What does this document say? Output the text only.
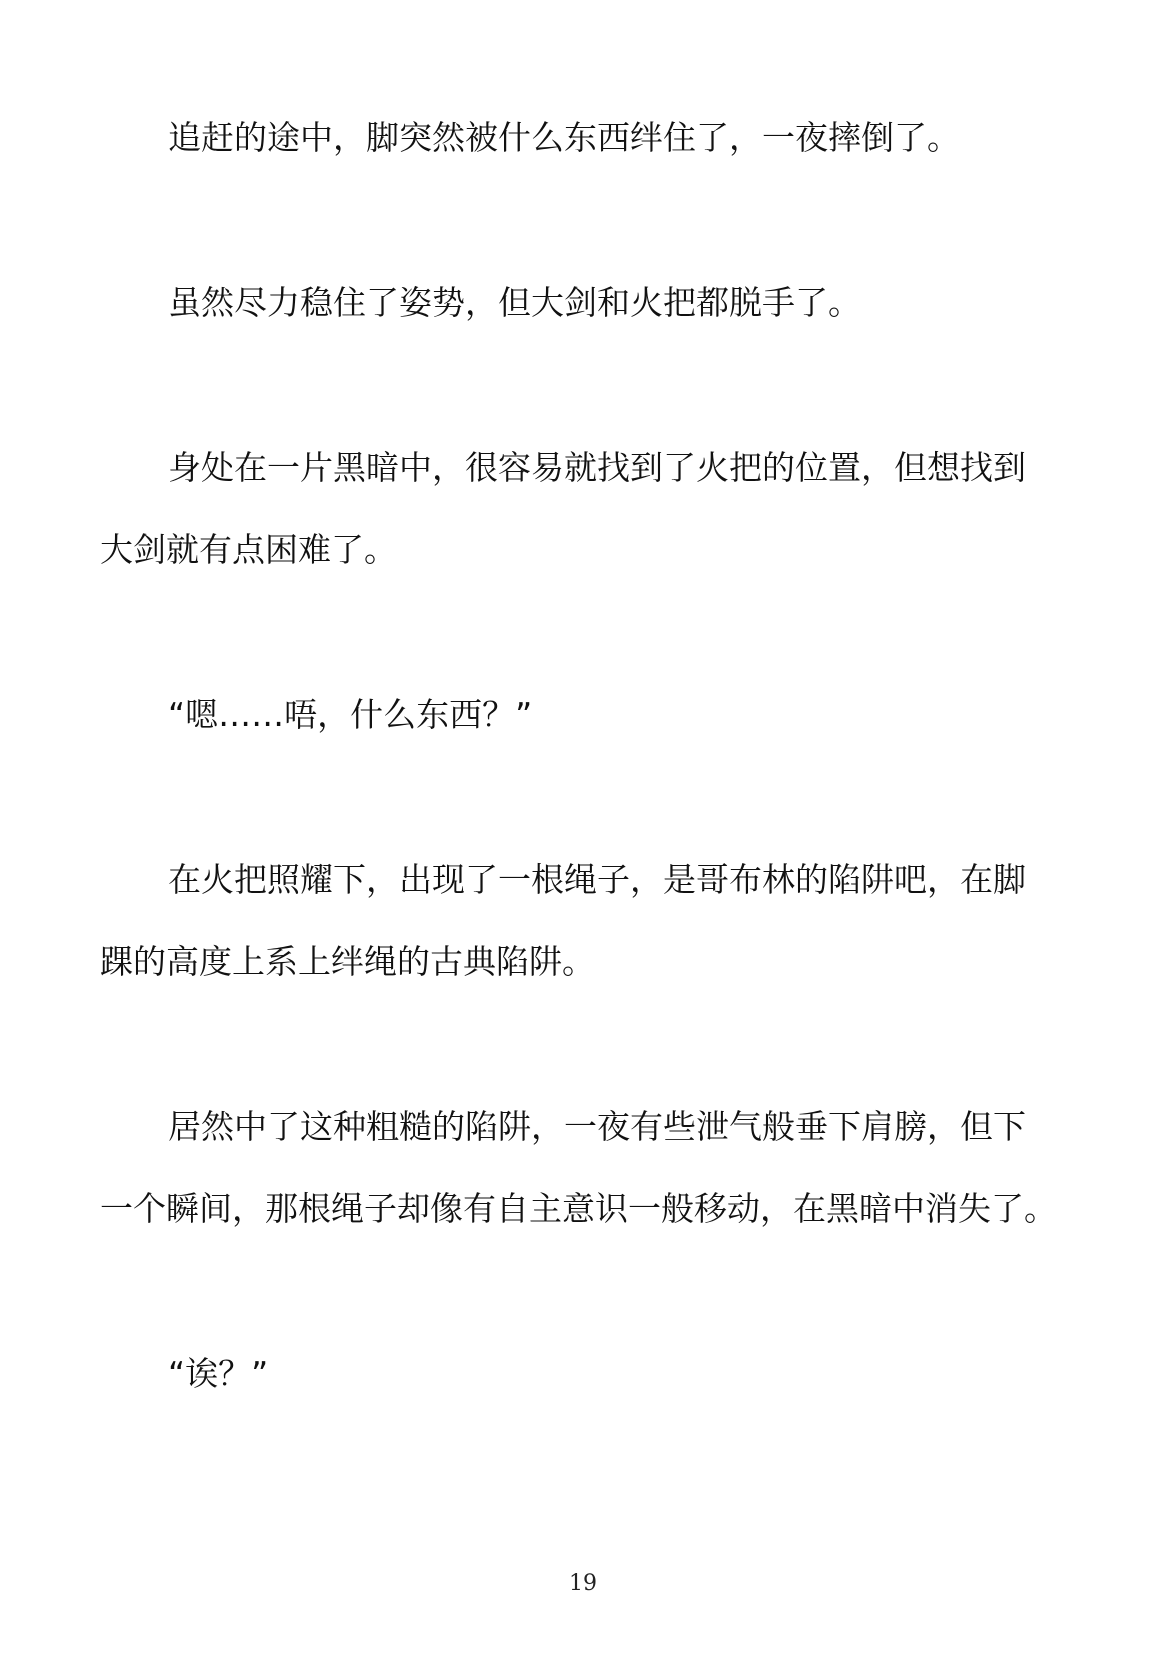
追赶的途中，脚突然被什么东西绊住了，一夜摔倒了。
虽然尽力稳住了姿势，但大剑和火把都脱手了。
身处在一片黑暗中，很容易就找到了火把的位置，但想找到
大剑就有点困难了。
“嗯……唔，什么东西？”
在火把照耀下，出现了一根绳子，是哥布林的陷阱吧，在脚
踝的高度上系上绊绳的古典陷阱。
居然中了这种粗糙的陷阱，一夜有些泄气般垂下肩膀，但下
一个瞬间，那根绳子却像有自主意识一般移动，在黑暗中消失了。
“诶？”
19
